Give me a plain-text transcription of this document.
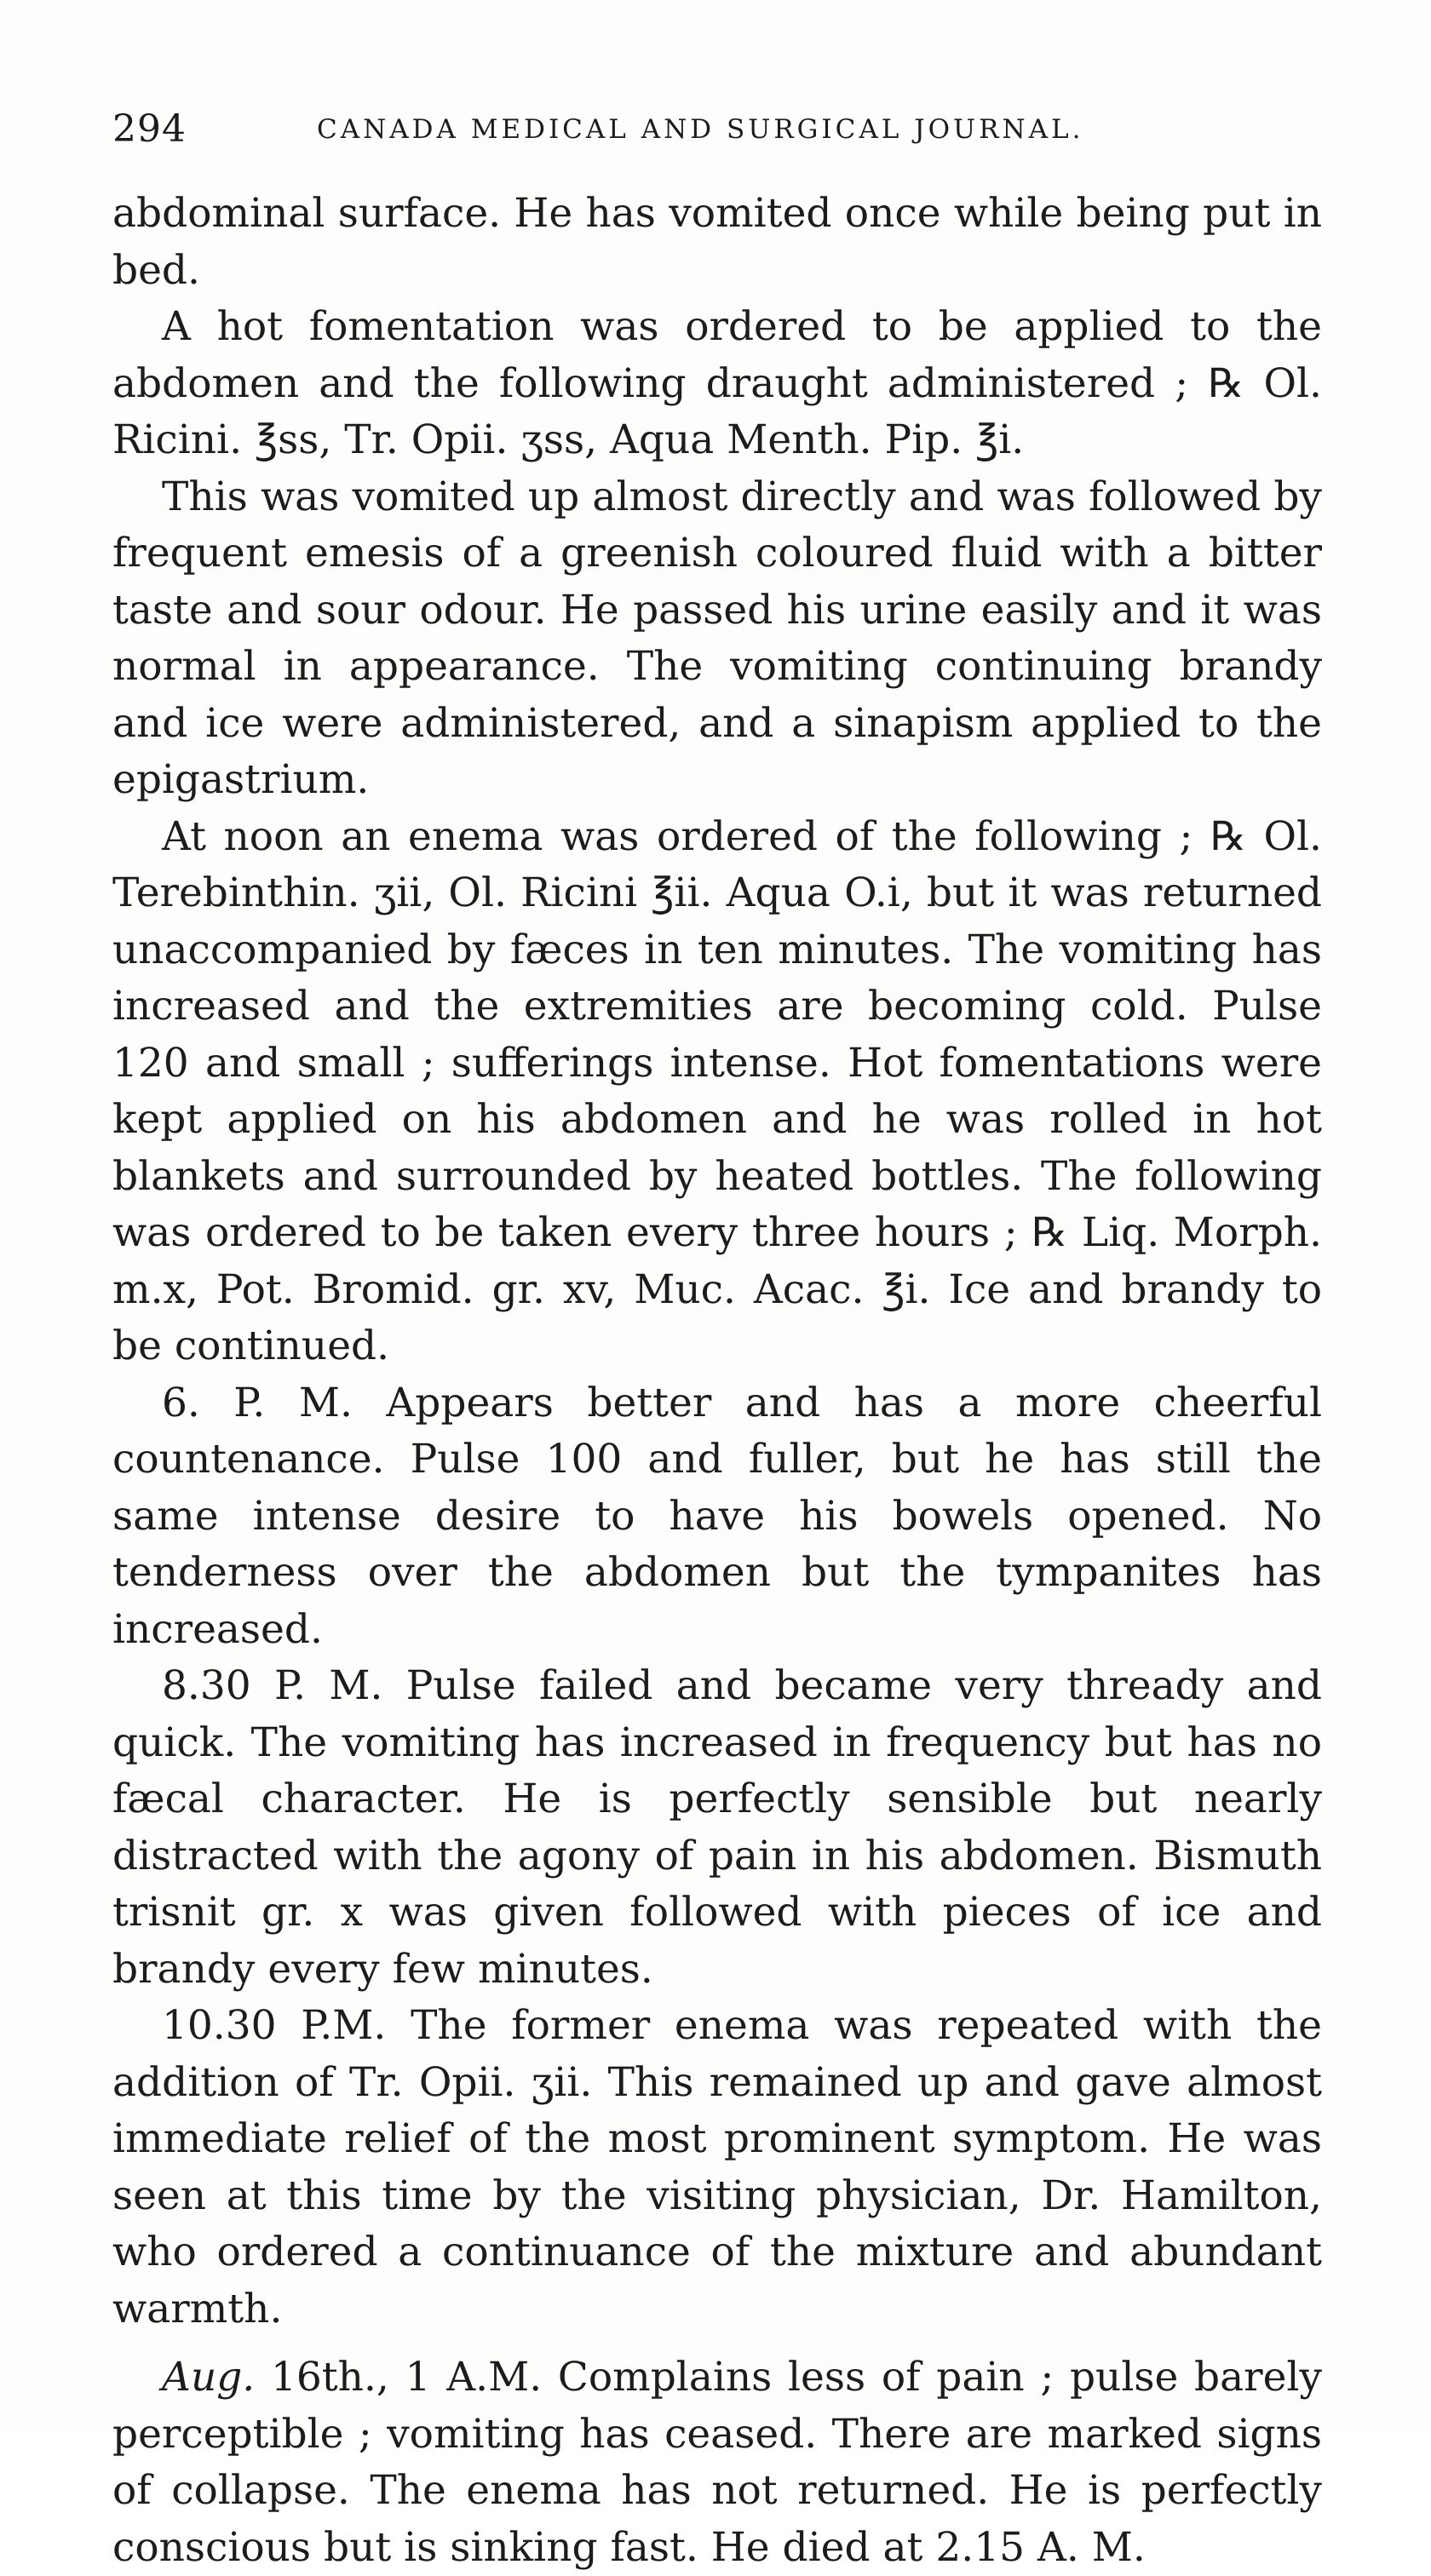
294	CANADA MEDICAL AND SURGICAL JOURNAL.

abdominal surface. He has vomited once while being put in bed.

A hot fomentation was ordered to be applied to the abdomen and the following draught administered ; ℞ Ol. Ricini. ℥ss, Tr. Opii. ʒss, Aqua Menth. Pip. ℥i.

This was vomited up almost directly and was followed by frequent emesis of a greenish coloured fluid with a bitter taste and sour odour. He passed his urine easily and it was normal in appearance. The vomiting continuing brandy and ice were administered, and a sinapism applied to the epigastrium.

At noon an enema was ordered of the following ; ℞ Ol. Terebinthin. ʒii, Ol. Ricini ℥ii. Aqua O.i, but it was returned unaccompanied by fæces in ten minutes. The vomiting has increased and the extremities are becoming cold. Pulse 120 and small ; sufferings intense. Hot fomentations were kept applied on his abdomen and he was rolled in hot blankets and surrounded by heated bottles. The following was ordered to be taken every three hours ; ℞ Liq. Morph. m.x, Pot. Bromid. gr. xv, Muc. Acac. ℥i. Ice and brandy to be continued.

6. P. M. Appears better and has a more cheerful countenance. Pulse 100 and fuller, but he has still the same intense desire to have his bowels opened. No tenderness over the abdomen but the tympanites has increased.

8.30 P. M. Pulse failed and became very thready and quick. The vomiting has increased in frequency but has no fæcal character. He is perfectly sensible but nearly distracted with the agony of pain in his abdomen. Bismuth trisnit gr. x was given followed with pieces of ice and brandy every few minutes.

10.30 P.M. The former enema was repeated with the addition of Tr. Opii. ʒii. This remained up and gave almost immediate relief of the most prominent symptom. He was seen at this time by the visiting physician, Dr. Hamilton, who ordered a continuance of the mixture and abundant warmth.

Aug. 16th., 1 A.M. Complains less of pain ; pulse barely perceptible ; vomiting has ceased. There are marked signs of collapse. The enema has not returned. He is perfectly conscious but is sinking fast. He died at 2.15 A. M.
